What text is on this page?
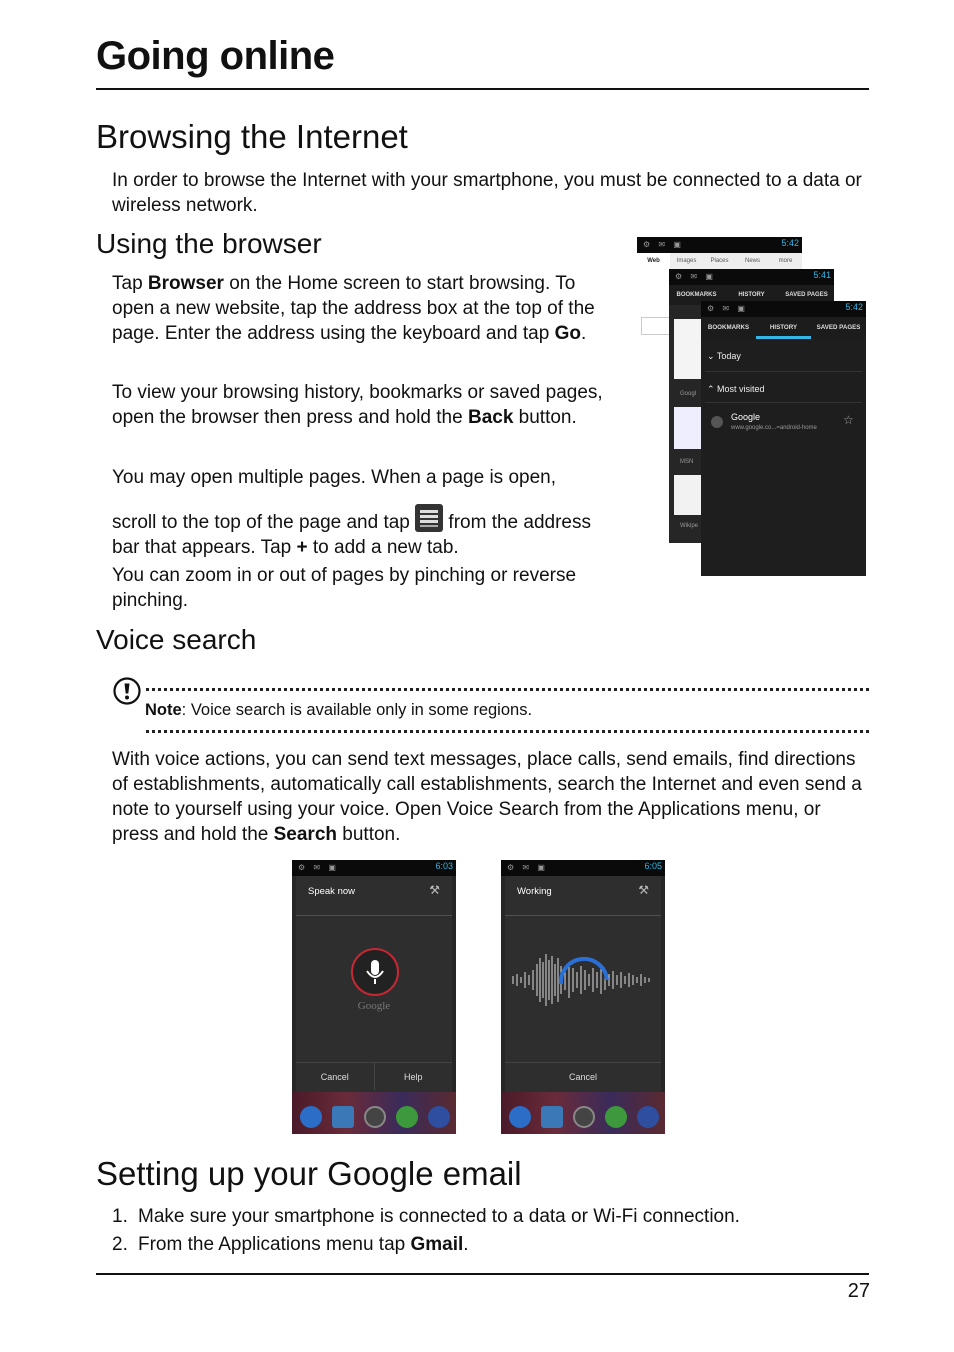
Going online
Browsing the Internet
In order to browse the Internet with your smartphone, you must be connected to a data or wireless network.
Using the browser
Tap Browser on the Home screen to start browsing. To open a new website, tap the address box at the top of the page. Enter the address using the keyboard and tap Go.
To view your browsing history, bookmarks or saved pages, open the browser then press and hold the Back button.
You may open multiple pages. When a page is open,
scroll to the top of the page and tap  from the address bar that appears. Tap + to add a new tab.
You can zoom in or out of pages by pinching or reverse pinching.
⚙ ✉ ▣	5:42
Web	Images	Places	News	more
⚙ ✉ ▣	5:41
BOOKMARKS	HISTORY	SAVED PAGES
Googl
MSN
Wikipe
⚙ ✉ ▣	5:42
BOOKMARKS	HISTORY	SAVED PAGES
⌄ Today
⌃ Most visited
Google
www.google.co...=android-home
☆
Voice search
Note: Voice search is available only in some regions.
With voice actions, you can send text messages, place calls, send emails, find directions of establishments, automatically call establishments, search the Internet and even send a note to yourself using your voice. Open Voice Search from the Applications menu, or press and hold the Search button.
⚙ ✉ ▣	6:03
Speak now	⚒
Google
Cancel	Help
⚙ ✉ ▣	6:05
Working	⚒
Cancel
Setting up your Google email
1. Make sure your smartphone is connected to a data or Wi-Fi connection.
2. From the Applications menu tap Gmail.
27
